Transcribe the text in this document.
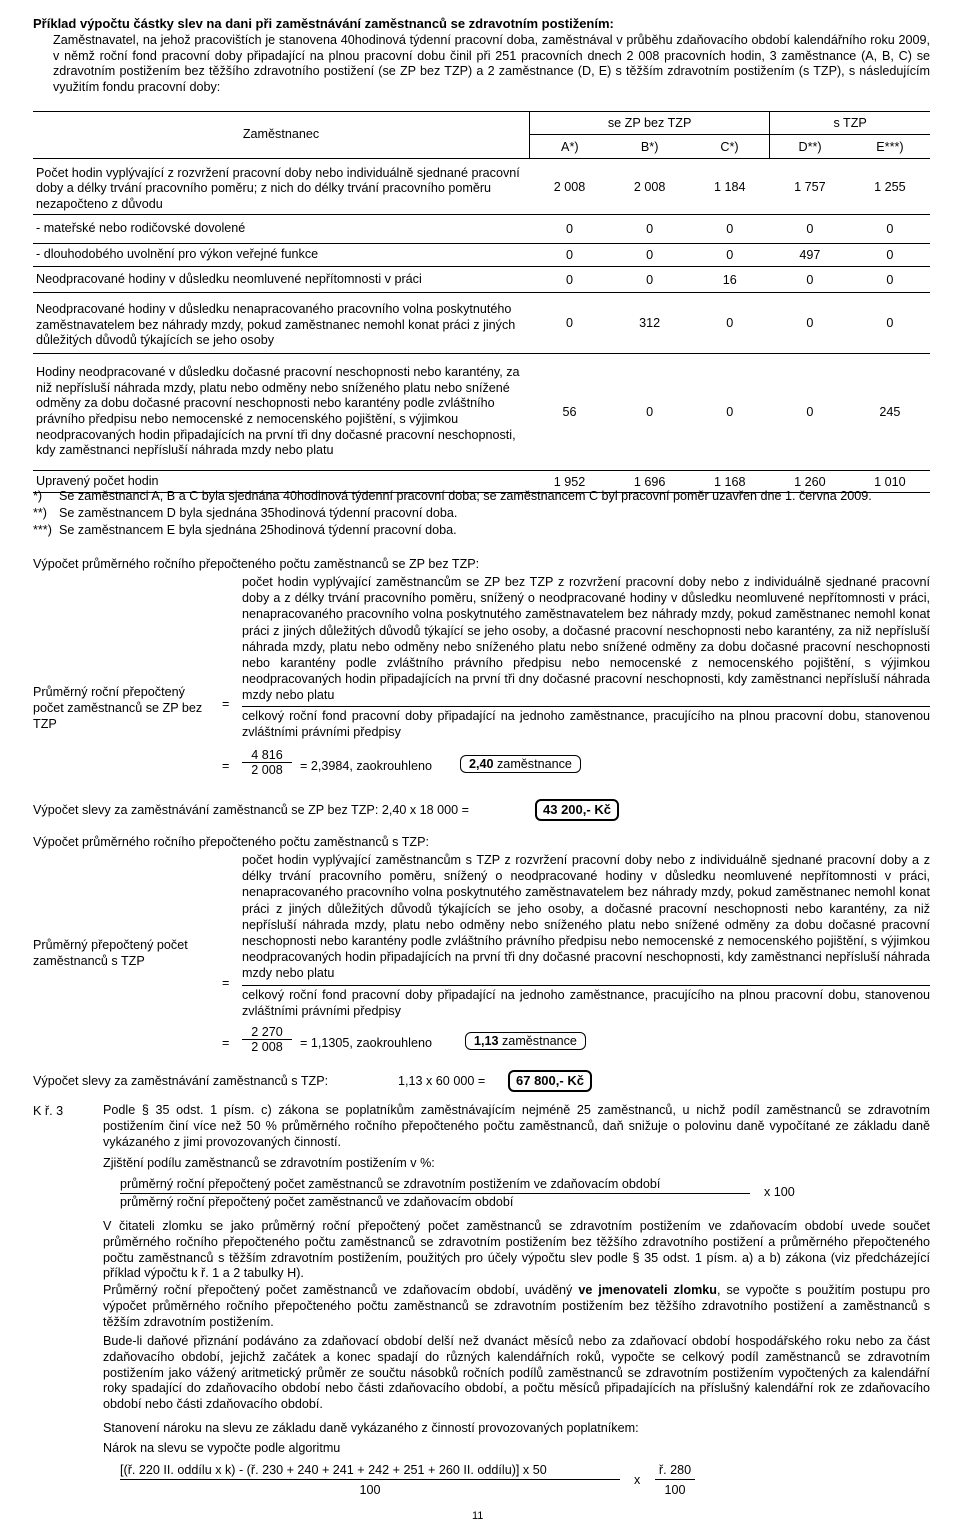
Příklad výpočtu částky slev na dani při zaměstnávání zaměstnanců se zdravotním postižením:

Zaměstnavatel, na jehož pracovištích je stanovena 40hodinová týdenní pracovní doba, zaměstnával v průběhu zdaňovacího období kalendářního roku 2009, v němž roční fond pracovní doby připadající na plnou pracovní dobu činil při 251 pracovních dnech 2 008 pracovních hodin, 3 zaměstnance (A, B, C) se zdravotním postižením bez těžšího zdravotního postižení (se ZP bez TZP) a 2 zaměstnance (D, E) s těžším zdravotním postižením (s TZP), s následujícím využitím fondu pracovní doby:

Zaměstnanec	se ZP bez TZP			s TZP	
	A*)	B*)	C*)	D**)	E***)
Počet hodin vyplývající z rozvržení pracovní doby nebo individuálně sjednané pracovní doby a délky trvání pracovního poměru; z nich do délky trvání pracovního poměru nezapočteno z důvodu	2 008	2 008	1 184	1 757	1 255
- mateřské nebo rodičovské dovolené	0	0	0	0	0
- dlouhodobého uvolnění pro výkon veřejné funkce	0	0	0	497	0
Neodpracované hodiny v důsledku neomluvené nepřítomnosti v práci	0	0	16	0	0
Neodpracované hodiny v důsledku nenapracovaného pracovního volna poskytnutého zaměstnavatelem bez náhrady mzdy, pokud zaměstnanec nemohl konat práci z jiných důležitých důvodů týkajících se jeho osoby	0	312	0	0	0
Hodiny neodpracované v důsledku dočasné pracovní neschopnosti nebo karantény, za niž nepřísluší náhrada mzdy, platu nebo odměny nebo sníženého platu nebo snížené odměny za dobu dočasné pracovní neschopnosti nebo karantény podle zvláštního právního předpisu nebo nemocenské z nemocenského pojištění, s výjimkou neodpracovaných hodin připadajících na první tři dny dočasné pracovní neschopnosti, kdy zaměstnanci nepřísluší náhrada mzdy nebo platu	56	0	0	0	245
Upravený počet hodin	1 952	1 696	1 168	1 260	1 010
*) Se zaměstnanci A, B a C byla sjednána 40hodinová týdenní pracovní doba; se zaměstnancem C byl pracovní poměr uzavřen dne 1. června 2009.
**) Se zaměstnancem D byla sjednána 35hodinová týdenní pracovní doba.
***) Se zaměstnancem E byla sjednána 25hodinová týdenní pracovní doba.
Výpočet průměrného ročního přepočteného počtu zaměstnanců se ZP bez TZP:
počet hodin vyplývající zaměstnancům se ZP bez TZP z rozvržení pracovní doby nebo z individuálně sjednané pracovní doby a z délky trvání pracovního poměru, snížený o neodpracované hodiny v důsledku neomluvené nepřítomnosti v práci, nenapracovaného pracovního volna poskytnutého zaměstnavatelem bez náhrady mzdy, pokud zaměstnanec nemohl konat práci z jiných důležitých důvodů týkající se jeho osoby, a dočasné pracovní neschopnosti nebo karantény, za niž nepřísluší náhrada mzdy, platu nebo odměny nebo sníženého platu nebo snížené odměny za dobu dočasné pracovní neschopnosti nebo karantény podle zvláštního právního předpisu nebo nemocenské z nemocenského pojištění, s výjimkou neodpracovaných hodin připadajících na první tři dny dočasné pracovní neschopnosti, kdy zaměstnanci nepřísluší náhrada mzdy nebo platu
celkový roční fond pracovní doby připadající na jednoho zaměstnance, pracujícího na plnou pracovní dobu, stanovenou zvláštními právními předpisy
Průměrný roční přepočtený počet zaměstnanců se ZP bez TZP
=
= $\frac{4 816}{2 008} = 2,3984$, zaokrouhleno	2,40 zaměstnance
Výpočet slevy za zaměstnávání zaměstnanců se ZP bez TZP: 2,40 x 18 000 =	43 200,- Kč
Výpočet průměrného ročního přepočteného počtu zaměstnanců s TZP:
počet hodin vyplývající zaměstnancům s TZP z rozvržení pracovní doby nebo z individuálně sjednané pracovní doby a z délky trvání pracovního poměru, snížený o neodpracované hodiny v důsledku neomluvené nepřítomnosti v práci, nenapracovaného pracovního volna poskytnutého zaměstnavatelem bez náhrady mzdy, pokud zaměstnanec nemohl konat práci z jiných důležitých důvodů týkajících se jeho osoby, a dočasné pracovní neschopnosti nebo karantény, za niž nepřísluší náhrada mzdy, platu nebo odměny nebo sníženého platu nebo snížené odměny za dobu dočasné pracovní neschopnosti nebo karantény podle zvláštního právního předpisu nebo nemocenské z nemocenského pojištění, s výjimkou neodpracovaných hodin připadajících na první tři dny dočasné pracovní neschopnosti, kdy zaměstnanci nepřísluší náhrada mzdy nebo platu
celkový roční fond pracovní doby připadající na jednoho zaměstnance, pracujícího na plnou pracovní dobu, stanovenou zvláštními právními předpisy
Průměrný přepočtený počet zaměstnanců s TZP
=
= $\frac{2 270}{2 008} = 1,1305$, zaokrouhleno	1,13 zaměstnance
Výpočet slevy za zaměstnávání zaměstnanců s TZP:	1,13 x 60 000 =	67 800,- Kč
K ř. 3	Podle § 35 odst. 1 písm. c) zákona se poplatníkům zaměstnávajícím nejméně 25 zaměstnanců, u nichž podíl zaměstnanců se zdravotním postižením činí více než 50 % průměrného ročního přepočteného počtu zaměstnanců, daň snižuje o polovinu daně vypočítané ze základu daně vykázaného z jimi provozovaných činností.
Zjištění podílu zaměstnanců se zdravotním postižením v %:
průměrný roční přepočtený počet zaměstnanců se zdravotním postižením ve zdaňovacím období
průměrný roční přepočtený počet zaměstnanců ve zdaňovacím období
x 100
V čitateli zlomku se jako průměrný roční přepočtený počet zaměstnanců se zdravotním postižením ve zdaňovacím období uvede součet průměrného ročního přepočteného počtu zaměstnanců se zdravotním postižením bez těžšího zdravotního postižení a průměrného přepočteného počtu zaměstnanců s těžším zdravotním postižením, použitých pro účely výpočtu slev podle § 35 odst. 1 písm. a) a b) zákona (viz předcházející příklad výpočtu k ř. 1 a 2 tabulky H).
Průměrný roční přepočtený počet zaměstnanců ve zdaňovacím období, uváděný ve jmenovateli zlomku, se vypočte s použitím postupu pro výpočet průměrného ročního přepočteného počtu zaměstnanců se zdravotním postižením bez těžšího zdravotního postižení a zaměstnanců s těžším zdravotním postižením.
Bude-li daňové přiznání podáváno za zdaňovací období delší než dvanáct měsíců nebo za zdaňovací období hospodářského roku nebo za část zdaňovacího období, jejichž začátek a konec spadají do různých kalendářních roků, vypočte se celkový podíl zaměstnanců se zdravotním postižením jako vážený aritmetický průměr ze součtu násobků ročních podílů zaměstnanců se zdravotním postižením vypočtených za kalendářní roky spadající do zdaňovacího období nebo části zdaňovacího období, a počtu měsíců připadajících na příslušný kalendářní rok ze zdaňovacího období nebo části zdaňovacího období.
Stanovení nároku na slevu ze základu daně vykázaného z činností provozovaných poplatníkem:
Nárok na slevu se vypočte podle algoritmu
[(ř. 220 II. oddílu x k) - (ř. 230 + 240 + 241 + 242 + 251 + 260 II. oddílu)] x 50
100
x $\frac{ř. 280}{100}$
11
